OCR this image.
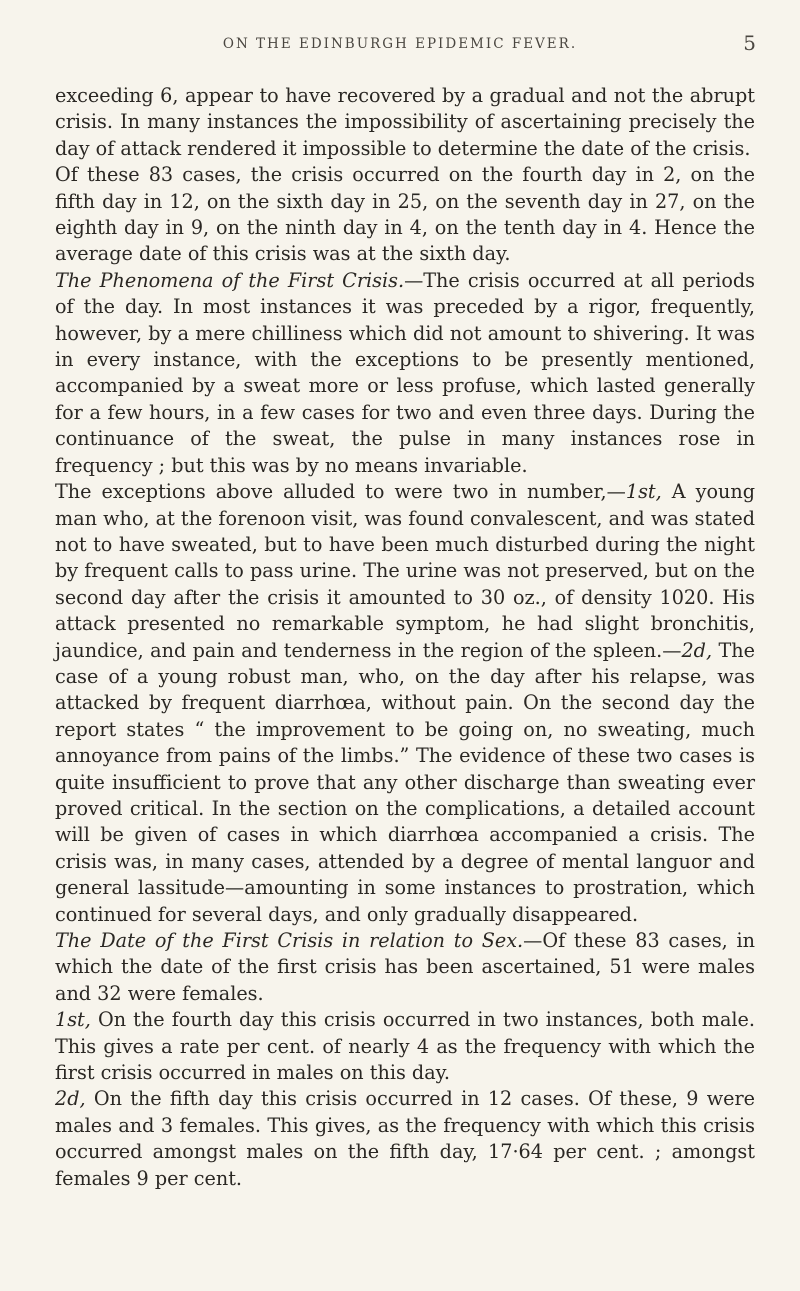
ON THE EDINBURGH EPIDEMIC FEVER.	5

exceeding 6, appear to have recovered by a gradual and not the abrupt crisis. In many instances the impossibility of ascertaining precisely the day of attack rendered it impossible to determine the date of the crisis.

Of these 83 cases, the crisis occurred on the fourth day in 2, on the fifth day in 12, on the sixth day in 25, on the seventh day in 27, on the eighth day in 9, on the ninth day in 4, on the tenth day in 4. Hence the average date of this crisis was at the sixth day.

The Phenomena of the First Crisis.—The crisis occurred at all periods of the day. In most instances it was preceded by a rigor, frequently, however, by a mere chilliness which did not amount to shivering. It was in every instance, with the exceptions to be presently mentioned, accompanied by a sweat more or less profuse, which lasted generally for a few hours, in a few cases for two and even three days. During the continuance of the sweat, the pulse in many instances rose in frequency ; but this was by no means invariable.

The exceptions above alluded to were two in number,—1st, A young man who, at the forenoon visit, was found convalescent, and was stated not to have sweated, but to have been much disturbed during the night by frequent calls to pass urine. The urine was not preserved, but on the second day after the crisis it amounted to 30 oz., of density 1020. His attack presented no remarkable symptom, he had slight bronchitis, jaundice, and pain and tenderness in the region of the spleen.—2d, The case of a young robust man, who, on the day after his relapse, was attacked by frequent diarrhœa, without pain. On the second day the report states “ the improvement to be going on, no sweating, much annoyance from pains of the limbs.” The evidence of these two cases is quite insufficient to prove that any other discharge than sweating ever proved critical. In the section on the complications, a detailed account will be given of cases in which diarrhœa accompanied a crisis. The crisis was, in many cases, attended by a degree of mental languor and general lassitude—amounting in some instances to prostration, which continued for several days, and only gradually disappeared.

The Date of the First Crisis in relation to Sex.—Of these 83 cases, in which the date of the first crisis has been ascertained, 51 were males and 32 were females.

1st, On the fourth day this crisis occurred in two instances, both male. This gives a rate per cent. of nearly 4 as the frequency with which the first crisis occurred in males on this day.

2d, On the fifth day this crisis occurred in 12 cases. Of these, 9 were males and 3 females. This gives, as the frequency with which this crisis occurred amongst males on the fifth day, 17·64 per cent. ; amongst females 9 per cent.
